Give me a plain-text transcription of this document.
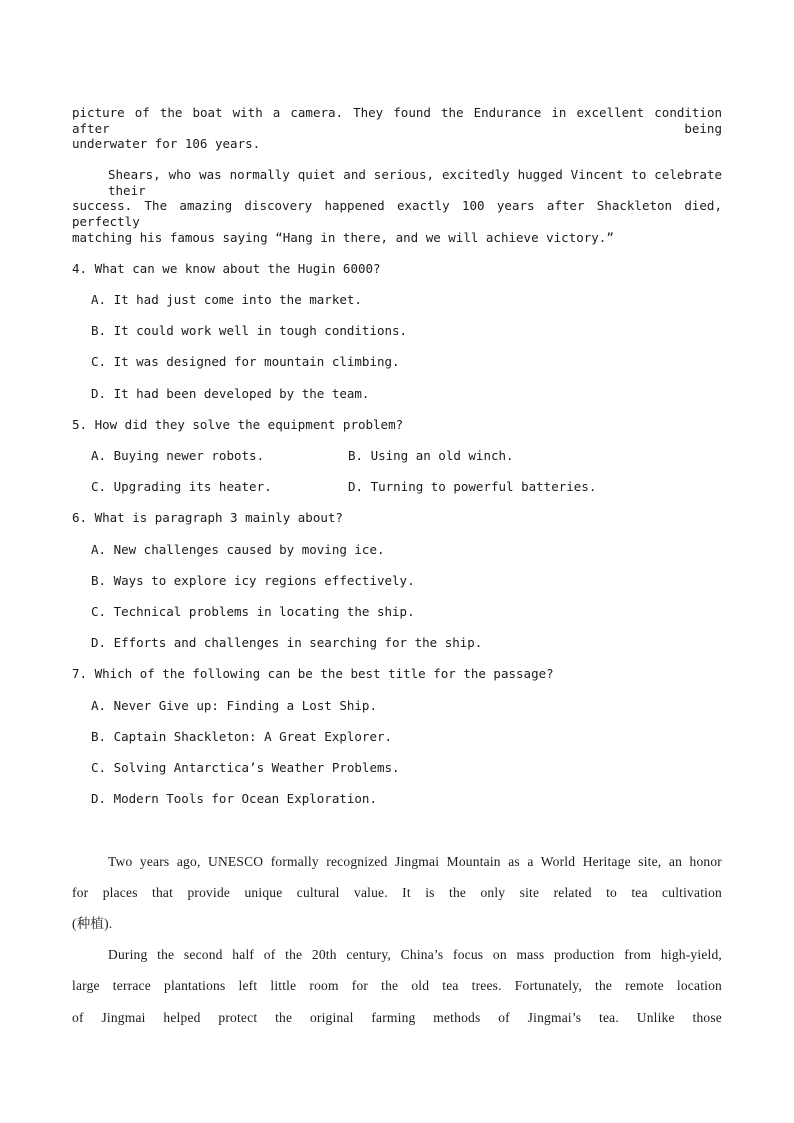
picture of the boat with a camera. They found the Endurance in excellent condition after being
underwater for 106 years.
Shears, who was normally quiet and serious, excitedly hugged Vincent to celebrate their
success. The amazing discovery happened exactly 100 years after Shackleton died, perfectly
matching his famous saying “Hang in there, and we will achieve victory.”
4. What can we know about the Hugin 6000?
A. It had just come into the market.
B. It could work well in tough conditions.
C. It was designed for mountain climbing.
D. It had been developed by the team.
5. How did they solve the equipment problem?
A. Buying newer robots.	B. Using an old winch.
C. Upgrading its heater.	D. Turning to powerful batteries.
6. What is paragraph 3 mainly about?
A. New challenges caused by moving ice.
B. Ways to explore icy regions effectively.
C. Technical problems in locating the ship.
D. Efforts and challenges in searching for the ship.
7. Which of the following can be the best title for the passage?
A. Never Give up: Finding a Lost Ship.
B. Captain Shackleton: A Great Explorer.
C. Solving Antarctica’s Weather Problems.
D. Modern Tools for Ocean Exploration.
Two years ago, UNESCO formally recognized Jingmai Mountain as a World Heritage site, an honor
for places that provide unique cultural value. It is the only site related to tea cultivation
(种植).
During the second half of the 20th century, China’s focus on mass production from high-yield,
large terrace plantations left little room for the old tea trees. Fortunately, the remote location
of Jingmai helped protect the original farming methods of Jingmai’s tea. Unlike those
